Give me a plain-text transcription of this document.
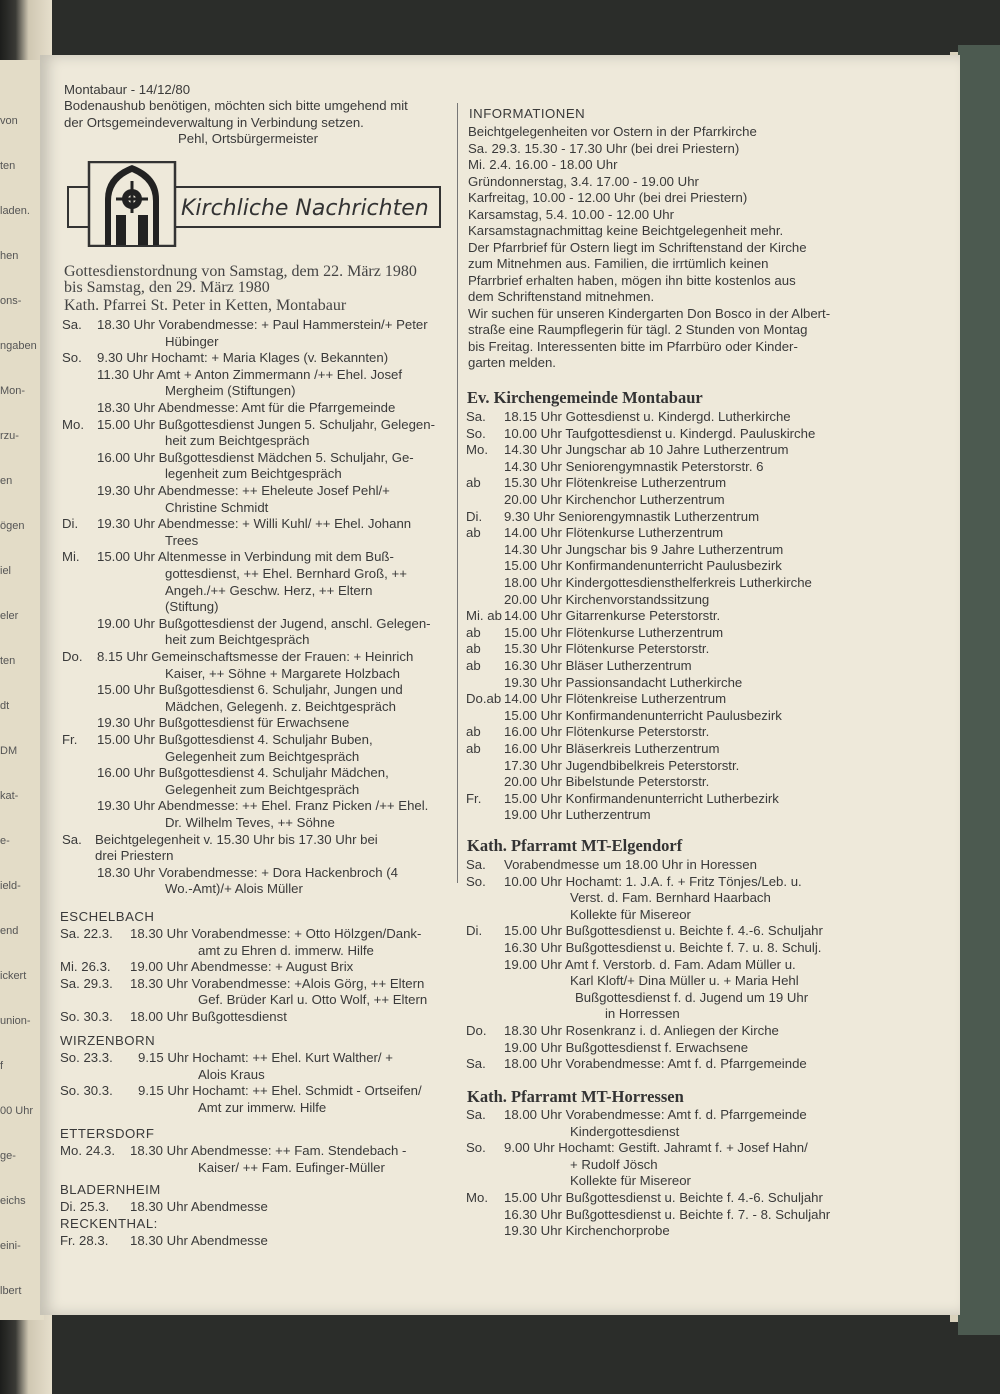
von
ten
laden.
hen
ons-
ngaben
Mon-
rzu-
en
ögen
iel
eler
ten
dt
DM
kat-
e-
ield-
end
ickert
union-
f
00 Uhr
ge-
eichs
eini-
lbert
Montabaur - 14/12/80
Bodenaushub benötigen, möchten sich bitte umgehend mit
der Ortsgemeindeverwaltung in Verbindung setzen.
Pehl, Ortsbürgermeister
Kirchliche Nachrichten
Gottesdienstordnung von Samstag, dem 22. März 1980
bis Samstag, den 29. März 1980
Kath. Pfarrei St. Peter in Ketten, Montabaur
Sa. 18.30 Uhr Vorabendmesse: + Paul Hammerstein/+ Peter
Hübinger
So. 9.30 Uhr Hochamt: + Maria Klages (v. Bekannten)
11.30 Uhr Amt + Anton Zimmermann /++ Ehel. Josef
Mergheim (Stiftungen)
18.30 Uhr Abendmesse: Amt für die Pfarrgemeinde
Mo. 15.00 Uhr Bußgottesdienst Jungen 5. Schuljahr, Gelegen-
heit zum Beichtgespräch
16.00 Uhr Bußgottesdienst Mädchen 5. Schuljahr, Ge-
legenheit zum Beichtgespräch
19.30 Uhr Abendmesse: ++ Eheleute Josef Pehl/+
Christine Schmidt
Di. 19.30 Uhr Abendmesse: + Willi Kuhl/ ++ Ehel. Johann
Trees
Mi. 15.00 Uhr Altenmesse in Verbindung mit dem Buß-
gottesdienst, ++ Ehel. Bernhard Groß, ++
Angeh./++ Geschw. Herz, ++ Eltern
(Stiftung)
19.00 Uhr Bußgottesdienst der Jugend, anschl. Gelegen-
heit zum Beichtgespräch
Do. 8.15 Uhr Gemeinschaftsmesse der Frauen: + Heinrich
Kaiser, ++ Söhne + Margarete Holzbach
15.00 Uhr Bußgottesdienst 6. Schuljahr, Jungen und
Mädchen, Gelegenh. z. Beichtgespräch
19.30 Uhr Bußgottesdienst für Erwachsene
Fr. 15.00 Uhr Bußgottesdienst 4. Schuljahr Buben,
Gelegenheit zum Beichtgespräch
16.00 Uhr Bußgottesdienst 4. Schuljahr Mädchen,
Gelegenheit zum Beichtgespräch
19.30 Uhr Abendmesse: ++ Ehel. Franz Picken /++ Ehel.
Dr. Wilhelm Teves, ++ Söhne
Sa. Beichtgelegenheit v. 15.30 Uhr bis 17.30 Uhr bei
drei Priestern
18.30 Uhr Vorabendmesse: + Dora Hackenbroch (4
Wo.-Amt)/+ Alois Müller
ESCHELBACH
Sa. 22.3. 18.30 Uhr Vorabendmesse: + Otto Hölzgen/Dank-
amt zu Ehren d. immerw. Hilfe
Mi. 26.3. 19.00 Uhr Abendmesse: + August Brix
Sa. 29.3. 18.30 Uhr Vorabendmesse: +Alois Görg, ++ Eltern
Gef. Brüder Karl u. Otto Wolf, ++ Eltern
So. 30.3. 18.00 Uhr Bußgottesdienst
WIRZENBORN
So. 23.3. 9.15 Uhr Hochamt: ++ Ehel. Kurt Walther/ +
Alois Kraus
So. 30.3. 9.15 Uhr Hochamt: ++ Ehel. Schmidt - Ortseifen/
Amt zur immerw. Hilfe
ETTERSDORF
Mo. 24.3. 18.30 Uhr Abendmesse: ++ Fam. Stendebach -
Kaiser/ ++ Fam. Eufinger-Müller
BLADERNHEIM
Di. 25.3. 18.30 Uhr Abendmesse
RECKENTHAL:
Fr. 28.3. 18.30 Uhr Abendmesse
INFORMATIONEN
Beichtgelegenheiten vor Ostern in der Pfarrkirche
Sa. 29.3. 15.30 - 17.30 Uhr (bei drei Priestern)
Mi. 2.4. 16.00 - 18.00 Uhr
Gründonnerstag, 3.4. 17.00 - 19.00 Uhr
Karfreitag, 10.00 - 12.00 Uhr (bei drei Priestern)
Karsamstag, 5.4. 10.00 - 12.00 Uhr
Karsamstagnachmittag keine Beichtgelegenheit mehr.
Der Pfarrbrief für Ostern liegt im Schriftenstand der Kirche
zum Mitnehmen aus. Familien, die irrtümlich keinen
Pfarrbrief erhalten haben, mögen ihn bitte kostenlos aus
dem Schriftenstand mitnehmen.
Wir suchen für unseren Kindergarten Don Bosco in der Albert-
straße eine Raumpflegerin für tägl. 2 Stunden von Montag
bis Freitag. Interessenten bitte im Pfarrbüro oder Kinder-
garten melden.
Ev. Kirchengemeinde Montabaur
Sa. 18.15 Uhr Gottesdienst u. Kindergd. Lutherkirche
So. 10.00 Uhr Taufgottesdienst u. Kindergd. Pauluskirche
Mo. 14.30 Uhr Jungschar ab 10 Jahre Lutherzentrum
14.30 Uhr Seniorengymnastik Peterstorstr. 6
ab 15.30 Uhr Flötenkreise Lutherzentrum
20.00 Uhr Kirchenchor Lutherzentrum
Di. 9.30 Uhr Seniorengymnastik Lutherzentrum
ab 14.00 Uhr Flötenkurse Lutherzentrum
14.30 Uhr Jungschar bis 9 Jahre Lutherzentrum
15.00 Uhr Konfirmandenunterricht Paulusbezirk
18.00 Uhr Kindergottesdiensthelferkreis Lutherkirche
20.00 Uhr Kirchenvorstandssitzung
Mi. ab 14.00 Uhr Gitarrenkurse Peterstorstr.
ab 15.00 Uhr Flötenkurse Lutherzentrum
ab 15.30 Uhr Flötenkurse Peterstorstr.
ab 16.30 Uhr Bläser Lutherzentrum
19.30 Uhr Passionsandacht Lutherkirche
Do.ab 14.00 Uhr Flötenkreise Lutherzentrum
15.00 Uhr Konfirmandenunterricht Paulusbezirk
ab 16.00 Uhr Flötenkurse Peterstorstr.
ab 16.00 Uhr Bläserkreis Lutherzentrum
17.30 Uhr Jugendbibelkreis Peterstorstr.
20.00 Uhr Bibelstunde Peterstorstr.
Fr. 15.00 Uhr Konfirmandenunterricht Lutherbezirk
19.00 Uhr Lutherzentrum
Kath. Pfarramt MT-Elgendorf
Sa. Vorabendmesse um 18.00 Uhr in Horessen
So. 10.00 Uhr Hochamt: 1. J.A. f. + Fritz Tönjes/Leb. u.
Verst. d. Fam. Bernhard Haarbach
Kollekte für Misereor
Di. 15.00 Uhr Bußgottesdienst u. Beichte f. 4.-6. Schuljahr
16.30 Uhr Bußgottesdienst u. Beichte f. 7. u. 8. Schulj.
19.00 Uhr Amt f. Verstorb. d. Fam. Adam Müller u.
Karl Kloft/+ Dina Müller u. + Maria Hehl
Bußgottesdienst f. d. Jugend um 19 Uhr
in Horressen
Do. 18.30 Uhr Rosenkranz i. d. Anliegen der Kirche
19.00 Uhr Bußgottesdienst f. Erwachsene
Sa. 18.00 Uhr Vorabendmesse: Amt f. d. Pfarrgemeinde
Kath. Pfarramt MT-Horressen
Sa. 18.00 Uhr Vorabendmesse: Amt f. d. Pfarrgemeinde
Kindergottesdienst
So. 9.00 Uhr Hochamt: Gestift. Jahramt f. + Josef Hahn/
+ Rudolf Jösch
Kollekte für Misereor
Mo. 15.00 Uhr Bußgottesdienst u. Beichte f. 4.-6. Schuljahr
16.30 Uhr Bußgottesdienst u. Beichte f. 7. - 8. Schuljahr
19.30 Uhr Kirchenchorprobe
